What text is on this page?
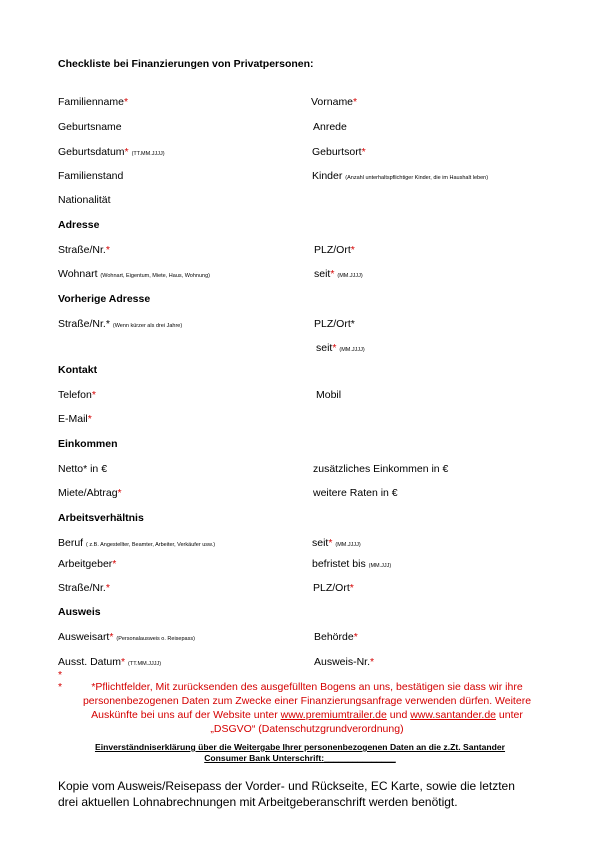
Checkliste bei Finanzierungen von Privatpersonen:
Familienname*	Vorname*
Geburtsname	Anrede
Geburtsdatum* (TT.MM.JJJJ)	Geburtsort*
Familienstand	Kinder (Anzahl unterhaltspflichtiger Kinder, die im Haushalt leben)
Nationalität
Adresse
Straße/Nr.*	PLZ/Ort*
Wohnart (Wohnart, Eigentum, Miete, Haus, Wohnung)	seit* (MM.JJJJ)
Vorherige Adresse
Straße/Nr.* (Wenn kürzer als drei Jahre)	PLZ/Ort*
seit* (MM.JJJJ)
Kontakt
Telefon*	Mobil
E-Mail*
Einkommen
Netto* in €	zusätzliches Einkommen in €
Miete/Abtrag*	weitere Raten in €
Arbeitsverhältnis
Beruf ( z.B. Angestellter, Beamter, Arbeiter, Verkäufer usw.)	seit* (MM.JJJJ)
Arbeitgeber*	befristet bis (MM.JJJ)
Straße/Nr.*	PLZ/Ort*
Ausweis
Ausweisart* (Personalausweis o. Reisepass)	Behörde*
Ausst. Datum* (TT.MM.JJJJ)	Ausweis-Nr.*
*
*	*Pflichtfelder, Mit zurücksenden des ausgefüllten Bogens an uns, bestätigen sie dass wir ihre
personenbezogenen Daten zum Zwecke einer Finanzierungsanfrage verwenden dürfen. Weitere
Auskünfte bei uns auf der Website unter www.premiumtrailer.de und www.santander.de unter
„DSGVO“ (Datenschutzgrundverordnung)
Einverständniserklärung über die Weitergabe Ihrer personenbezogenen Daten an die z.Zt. Santander
Consumer Bank Unterschrift:_______________
Kopie vom Ausweis/Reisepass der Vorder- und Rückseite, EC Karte, sowie die letzten
drei aktuellen Lohnabrechnungen mit Arbeitgeberanschrift werden benötigt.
